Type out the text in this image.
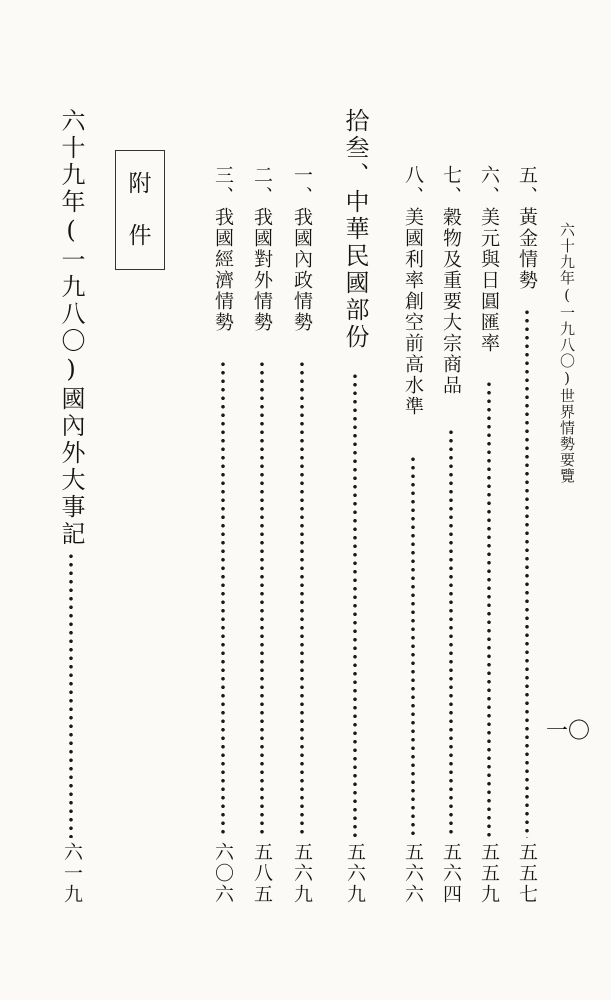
六十九年(一九八〇)世界情勢要覽
一〇
五、黃金情勢
五五七
六、美元與日圓匯率
五五九
七、穀物及重要大宗商品
五六四
八、美國利率創空前高水準
五六六
拾叁、中華民國部份
五六九
一、我國內政情勢
五六九
二、我國對外情勢
五八五
三、我國經濟情勢
六〇六
附
件
六十九年(一九八〇)國內外大事記
六一九
